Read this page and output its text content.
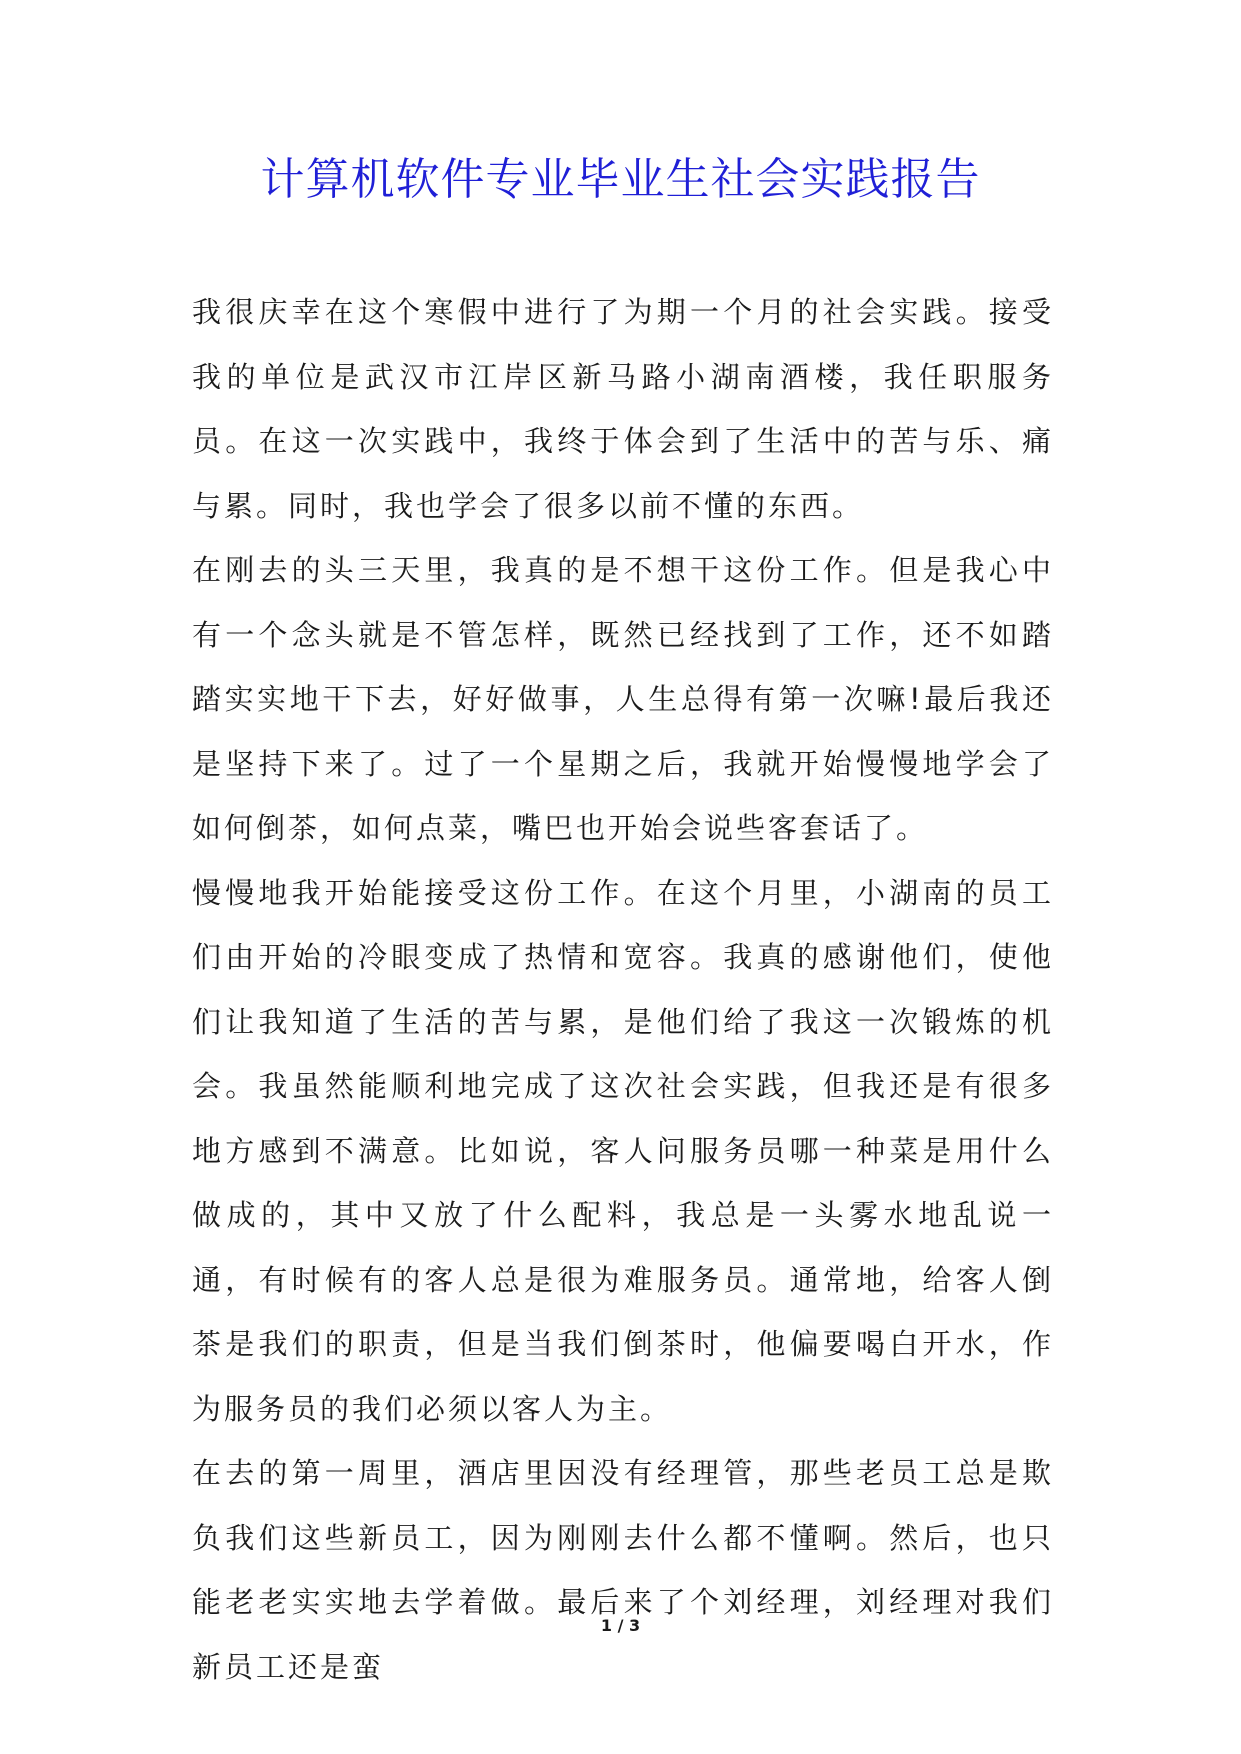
计算机软件专业毕业生社会实践报告

我很庆幸在这个寒假中进行了为期一个月的社会实践。接受我的单位是武汉市江岸区新马路小湖南酒楼，我任职服务员。在这一次实践中，我终于体会到了生活中的苦与乐、痛与累。同时，我也学会了很多以前不懂的东西。

在刚去的头三天里，我真的是不想干这份工作。但是我心中有一个念头就是不管怎样，既然已经找到了工作，还不如踏踏实实地干下去，好好做事，人生总得有第一次嘛!最后我还是坚持下来了。过了一个星期之后，我就开始慢慢地学会了如何倒茶，如何点菜，嘴巴也开始会说些客套话了。

慢慢地我开始能接受这份工作。在这个月里，小湖南的员工们由开始的冷眼变成了热情和宽容。我真的感谢他们，使他们让我知道了生活的苦与累，是他们给了我这一次锻炼的机会。我虽然能顺利地完成了这次社会实践，但我还是有很多地方感到不满意。比如说，客人问服务员哪一种菜是用什么做成的，其中又放了什么配料，我总是一头雾水地乱说一通，有时候有的客人总是很为难服务员。通常地，给客人倒茶是我们的职责，但是当我们倒茶时，他偏要喝白开水，作为服务员的我们必须以客人为主。

在去的第一周里，酒店里因没有经理管，那些老员工总是欺负我们这些新员工，因为刚刚去什么都不懂啊。然后，也只能老老实实地去学着做。最后来了个刘经理，刘经理对我们新员工还是蛮

1 / 3
